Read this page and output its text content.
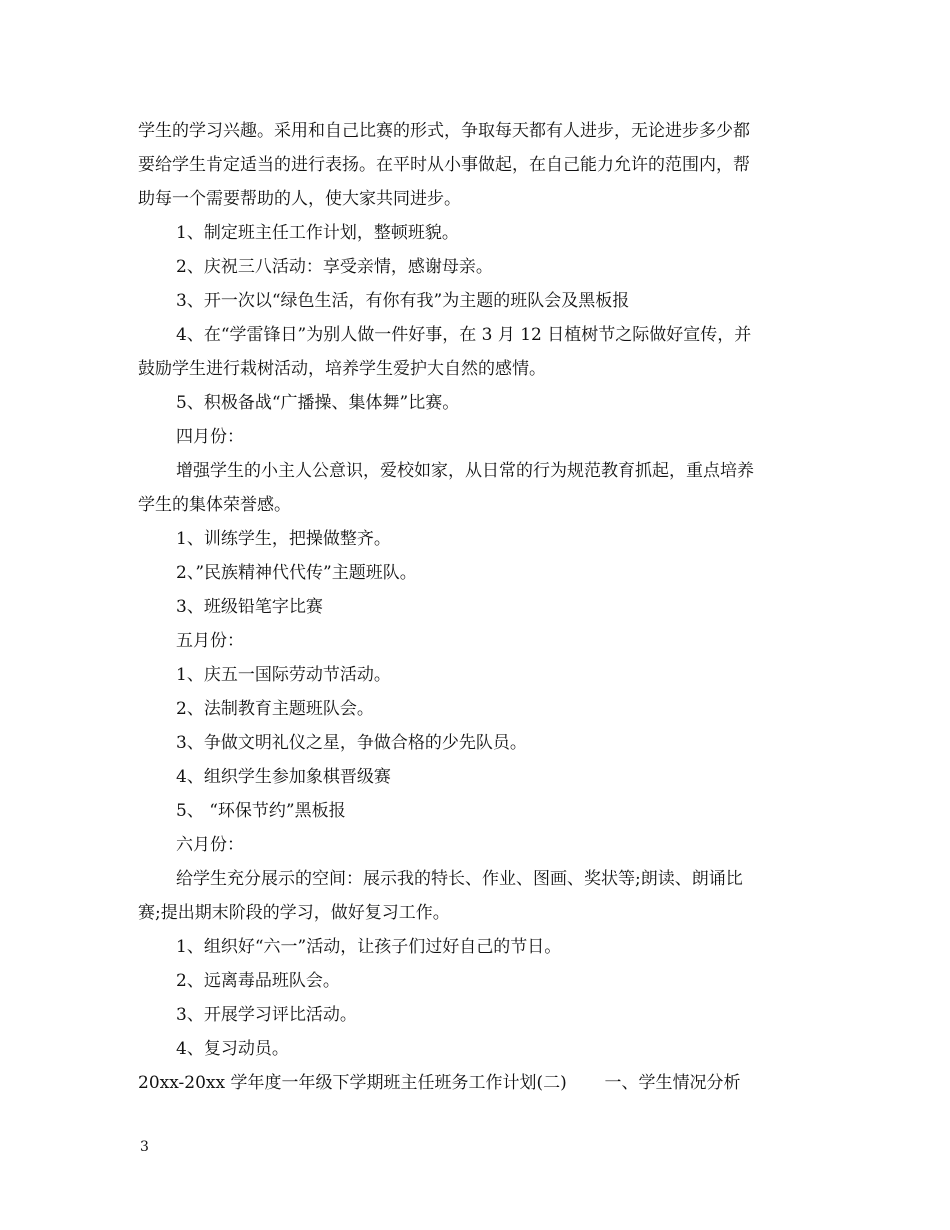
学生的学习兴趣。采用和自己比赛的形式，争取每天都有人进步，无论进步多少都
要给学生肯定适当的进行表扬。在平时从小事做起，在自己能力允许的范围内，帮
助每一个需要帮助的人，使大家共同进步。
1、制定班主任工作计划，整顿班貌。
2、庆祝三八活动：享受亲情，感谢母亲。
3、开一次以“绿色生活，有你有我”为主题的班队会及黑板报
4、在“学雷锋日”为别人做一件好事，在 3 月 12 日植树节之际做好宣传，并
鼓励学生进行栽树活动，培养学生爱护大自然的感情。
5、积极备战“广播操、集体舞”比赛。
四月份：
增强学生的小主人公意识，爱校如家，从日常的行为规范教育抓起，重点培养
学生的集体荣誉感。
1、训练学生，把操做整齐。
2、”民族精神代代传”主题班队。
3、班级铅笔字比赛
五月份：
1、庆五一国际劳动节活动。
2、法制教育主题班队会。
3、争做文明礼仪之星，争做合格的少先队员。
4、组织学生参加象棋晋级赛
5、 “环保节约”黑板报
六月份：
给学生充分展示的空间：展示我的特长、作业、图画、奖状等;朗读、朗诵比
赛;提出期末阶段的学习，做好复习工作。
1、组织好“六一”活动，让孩子们过好自己的节日。
2、远离毒品班队会。
3、开展学习评比活动。
4、复习动员。
20xx-20xx 学年度一年级下学期班主任班务工作计划(二)       一、学生情况分析
3
